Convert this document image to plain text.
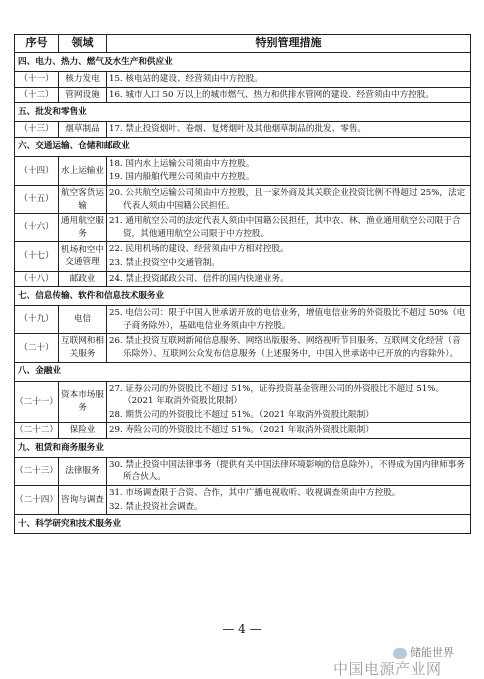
序号	领域	特别管理措施
四、电力、热力、燃气及水生产和供应业		
（十一）	核力发电	15. 核电站的建设、经营须由中方控股。

（十二）	管网设施	16. 城市人口 50 万以上的城市燃气、热力和供排水管网的建设、经营须由中方控股。

五、批发和零售业		
（十三）	烟草制品	17. 禁止投资烟叶、卷烟、复烤烟叶及其他烟草制品的批发、零售。

六、交通运输、仓储和邮政业		
（十四）	水上运输业	18. 国内水上运输公司须由中方控股。
19. 国内船舶代理公司须由中方控股。

（十五）	航空客货运输	20. 公共航空运输公司须由中方控股，且一家外商及其关联企业投资比例不得超过 25%，法定代表人须由中国籍公民担任。

（十六）	通用航空服务	21. 通用航空公司的法定代表人须由中国籍公民担任，其中农、林、渔业通用航空公司限于合资，其他通用航空公司限于中方控股。

（十七）	机场和空中交通管理	22. 民用机场的建设、经营须由中方相对控股。
23. 禁止投资空中交通管制。

（十八）	邮政业	24. 禁止投资邮政公司、信件的国内快递业务。

七、信息传输、软件和信息技术服务业		
（十九）	电信	25. 电信公司：限于中国入世承诺开放的电信业务，增值电信业务的外资股比不超过 50%（电子商务除外），基础电信业务须由中方控股。

（二十）	互联网和相关服务	26. 禁止投资互联网新闻信息服务、网络出版服务、网络视听节目服务、互联网文化经营（音乐除外）、互联网公众发布信息服务（上述服务中，中国入世承诺中已开放的内容除外）。

八、金融业		
（二十一）	资本市场服务	27. 证券公司的外资股比不超过 51%，证券投资基金管理公司的外资股比不超过 51%。（2021 年取消外资股比限制）
28. 期货公司的外资股比不超过 51%。（2021 年取消外资股比限制）

（二十二）	保险业	29. 寿险公司的外资股比不超过 51%。（2021 年取消外资股比限制）

九、租赁和商务服务业		
（二十三）	法律服务	30. 禁止投资中国法律事务（提供有关中国法律环境影响的信息除外），不得成为国内律师事务所合伙人。

（二十四）	咨询与调查	31. 市场调查限于合资、合作，其中广播电视收听、收视调查须由中方控股。
32. 禁止投资社会调查。

十、科学研究和技术服务业		
— 4 —
储能世界
中国电源产业网
